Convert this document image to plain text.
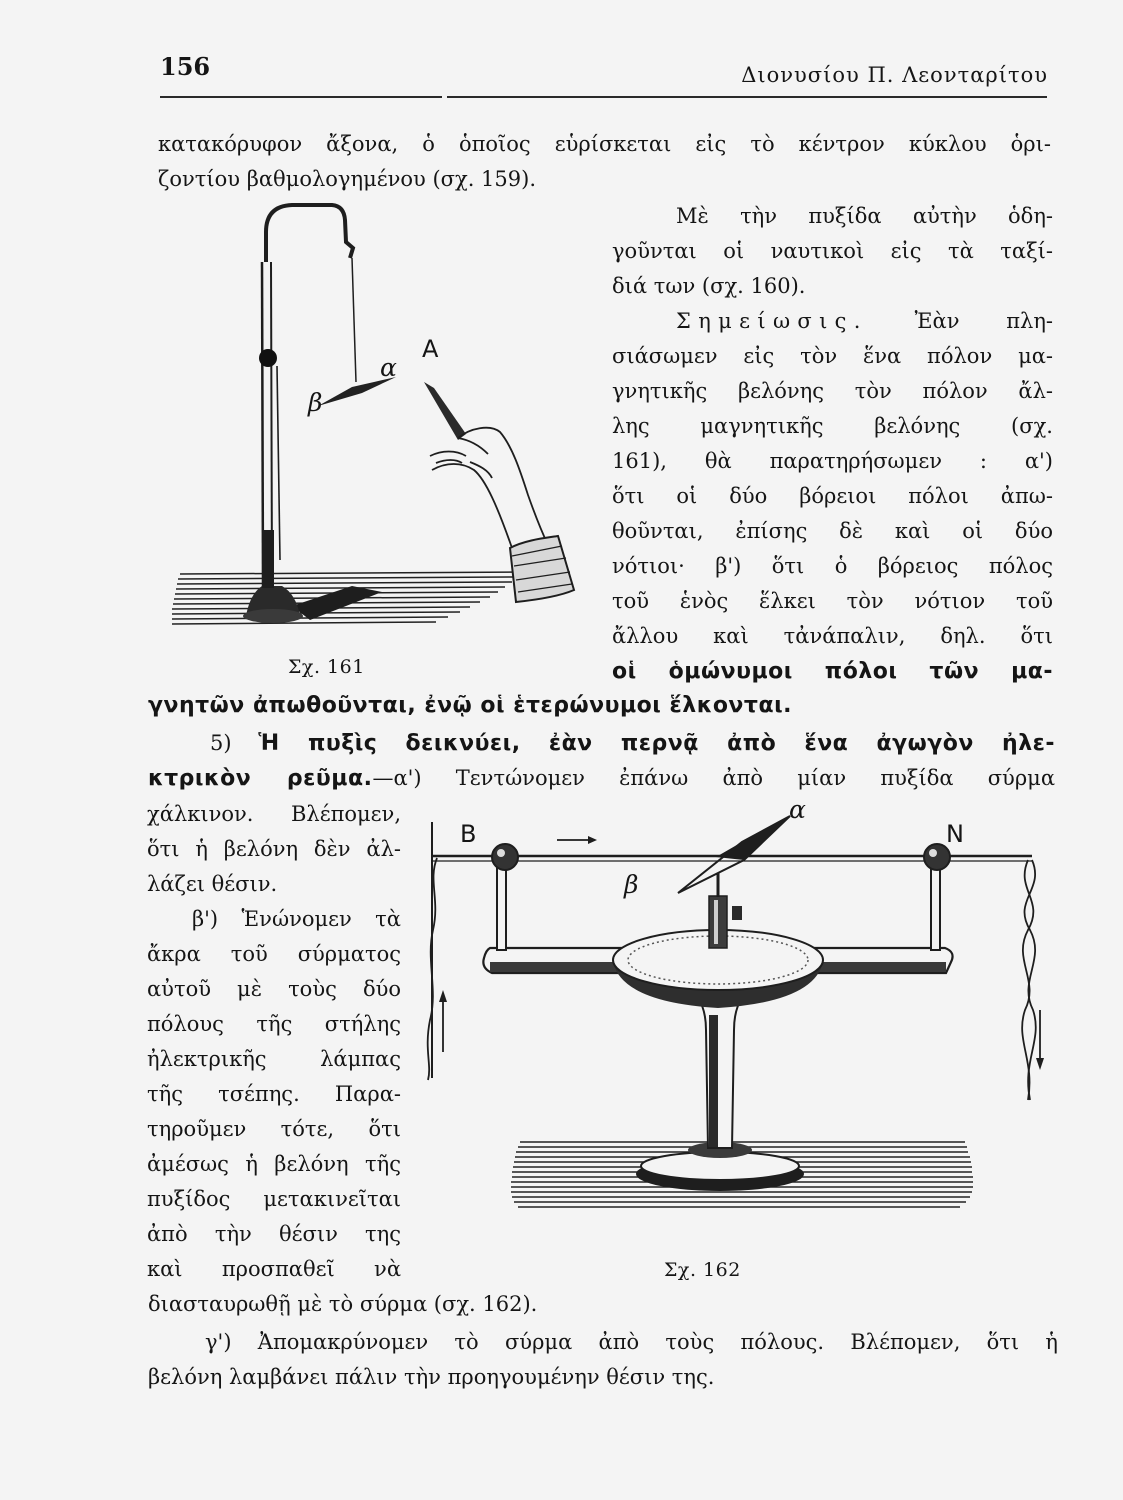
156	Διονυσίου Π. Λεονταρίτου
κατακόρυφον ἄξονα, ὁ ὁποῖος εὑρίσκεται εἰς τὸ κέντρον κύκλου ὁρι-
ζοντίου βαθμολογημένου (σχ. 159).
Μὲ τὴν πυξίδα αὐτὴν ὁδη-
γοῦνται οἱ ναυτικοὶ εἰς τὰ ταξί-
διά των (σχ. 160).
Σημείωσις. Ἐὰν πλη-
σιάσωμεν εἰς τὸν ἕνα πόλον μα-
γνητικῆς βελόνης τὸν πόλον ἄλ-
λης μαγνητικῆς βελόνης (σχ.
161), θὰ παρατηρήσωμεν : α')
ὅτι οἱ δύο βόρειοι πόλοι ἀπω-
θοῦνται, ἐπίσης δὲ καὶ οἱ δύο
νότιοι· β') ὅτι ὁ βόρειος πόλος
τοῦ ἑνὸς ἕλκει τὸν νότιον τοῦ
ἄλλου καὶ τἀνάπαλιν, δηλ. ὅτι
οἱ ὁμώνυμοι πόλοι τῶν μα-
Σχ. 161
γνητῶν ἀπωθοῦνται, ἐνῷ οἱ ἑτερώνυμοι ἕλκονται.
5) Ἡ πυξὶς δεικνύει, ἐὰν περνᾷ ἀπὸ ἕνα ἀγωγὸν ἠλε-
κτρικὸν ρεῦμα.—α') Τεντώνομεν ἐπάνω ἀπὸ μίαν πυξίδα σύρμα
χάλκινον. Βλέπομεν,
ὅτι ἡ βελόνη δὲν ἀλ-
λάζει θέσιν.
β') Ἑνώνομεν τὰ
ἄκρα τοῦ σύρματος
αὐτοῦ μὲ τοὺς δύο
πόλους τῆς στήλης
ἠλεκτρικῆς λάμπας
τῆς τσέπης. Παρα-
τηροῦμεν τότε, ὅτι
ἀμέσως ἡ βελόνη τῆς
πυξίδος μετακινεῖται
ἀπὸ τὴν θέσιν της
καὶ προσπαθεῖ νὰ	Σχ. 162
διασταυρωθῇ μὲ τὸ σύρμα (σχ. 162).
γ') Ἀπομακρύνομεν τὸ σύρμα ἀπὸ τοὺς πόλους. Βλέπομεν, ὅτι ἡ
βελόνη λαμβάνει πάλιν τὴν προηγουμένην θέσιν της.
α
β
A
B	N
α
β
